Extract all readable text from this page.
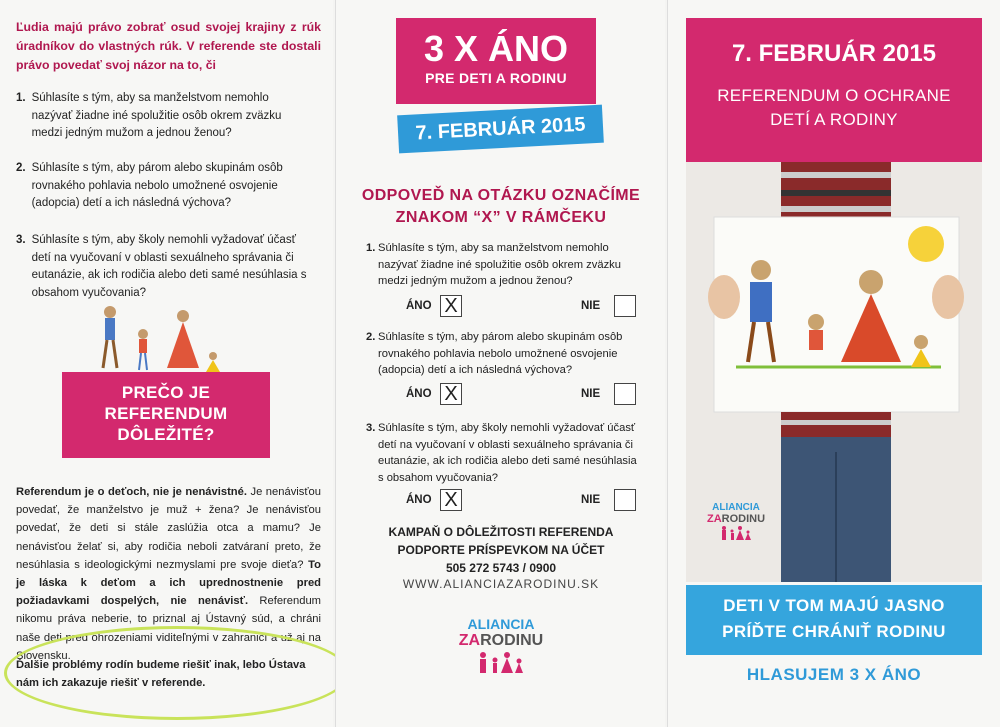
Ľudia majú právo zobrať osud svojej krajiny z rúk úradníkov do vlastných rúk. V referende ste dostali právo povedať svoj názor na to, či
1. Súhlasíte s tým, aby sa manželstvom nemohlo nazývať žiadne iné spolužitie osôb okrem zväzku medzi jedným mužom a jednou ženou?
2. Súhlasíte s tým, aby párom alebo skupinám osôb rovnakého pohlavia nebolo umožnené osvojenie (adopcia) detí a ich následná výchova?
3. Súhlasíte s tým, aby školy nemohli vyžadovať účasť detí na vyučovaní v oblasti sexuálneho správania či eutanázie, ak ich rodičia alebo deti samé nesúhlasia s obsahom vyučovania?
PREČO JE
REFERENDUM
DÔLEŽITÉ?
Referendum je o deťoch, nie je nenávistné. Je nenávisťou povedať, že manželstvo je muž + žena? Je nenávisťou povedať, že deti si stále zaslúžia otca a mamu? Je nenávisťou želať si, aby rodičia neboli zatváraní preto, že nesúhlasia s ideologickými nezmyslami pre svoje dieťa? To je láska k deťom a ich uprednostnenie pred požiadavkami dospelých, nie nenávisť. Referendum nikomu práva neberie, to priznal aj Ústavný súd, a chráni naše deti pred ohrozeniami viditeľnými v zahraničí a už aj na Slovensku.
Ďalšie problémy rodín budeme riešiť inak, lebo Ústava nám ich zakazuje riešiť v referende.
3 X ÁNO
PRE DETI A RODINU
7. FEBRUÁR 2015
ODPOVEĎ NA OTÁZKU OZNAČÍME
ZNAKOM “X” V RÁMČEKU
1. Súhlasíte s tým, aby sa manželstvom nemohlo nazývať žiadne iné spolužitie osôb okrem zväzku medzi jedným mužom a jednou ženou?
ÁNO X	NIE
2. Súhlasíte s tým, aby párom alebo skupinám osôb rovnakého pohlavia nebolo umožnené osvojenie (adopcia) detí a ich následná výchova?
ÁNO X	NIE
3. Súhlasíte s tým, aby školy nemohli vyžadovať účasť detí na vyučovaní v oblasti sexuálneho správania či eutanázie, ak ich rodičia alebo deti samé nesúhlasia s obsahom vyučovania?
ÁNO X	NIE
KAMPAŇ O DÔLEŽITOSTI REFERENDA
PODPORTE PRÍSPEVKOM NA ÚČET
505 272 5743 / 0900
WWW.ALIANCIAZARODINU.SK
ALIANCIA
ZARODINU
7. FEBRUÁR 2015
REFERENDUM O OCHRANE
DETÍ A RODINY
ALIANCIA
ZARODINU
DETI V TOM MAJÚ JASNO
PRÍĎTE CHRÁNIŤ RODINU
HLASUJEM 3 X ÁNO
